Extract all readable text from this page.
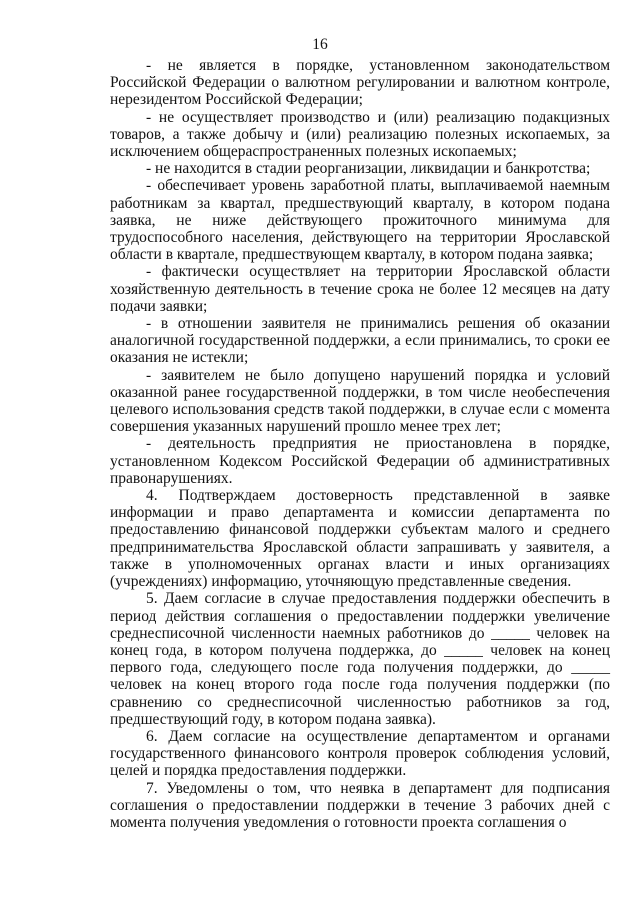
16

- не является в порядке, установленном законодательством Российской Федерации о валютном регулировании и валютном контроле, нерезидентом Российской Федерации;

- не осуществляет производство и (или) реализацию подакцизных товаров, а также добычу и (или) реализацию полезных ископаемых, за исключением общераспространенных полезных ископаемых;

- не находится в стадии реорганизации, ликвидации и банкротства;

- обеспечивает уровень заработной платы, выплачиваемой наемным работникам за квартал, предшествующий кварталу, в котором подана заявка, не ниже действующего прожиточного минимума для трудоспособного населения, действующего на территории Ярославской области в квартале, предшествующем кварталу, в котором подана заявка;

- фактически осуществляет на территории Ярославской области хозяйственную деятельность в течение срока не более 12 месяцев на дату подачи заявки;

- в отношении заявителя не принимались решения об оказании аналогичной государственной поддержки, а если принимались, то сроки ее оказания не истекли;

- заявителем не было допущено нарушений порядка и условий оказанной ранее государственной поддержки, в том числе необеспечения целевого использования средств такой поддержки, в случае если с момента совершения указанных нарушений прошло менее трех лет;

- деятельность предприятия не приостановлена в порядке, установленном Кодексом Российской Федерации об административных правонарушениях.

4. Подтверждаем достоверность представленной в заявке информации и право департамента и комиссии департамента по предоставлению финансовой поддержки субъектам малого и среднего предпринимательства Ярославской области запрашивать у заявителя, а также в уполномоченных органах власти и иных организациях (учреждениях) информацию, уточняющую представленные сведения.

5. Даем согласие в случае предоставления поддержки обеспечить в период действия соглашения о предоставлении поддержки увеличение среднесписочной численности наемных работников до _____ человек на конец года, в котором получена поддержка, до _____ человек на конец первого года, следующего после года получения поддержки, до _____ человек на конец второго года после года получения поддержки (по сравнению со среднесписочной численностью работников за год, предшествующий году, в котором подана заявка).

6. Даем согласие на осуществление департаментом и органами государственного финансового контроля проверок соблюдения условий, целей и порядка предоставления поддержки.

7. Уведомлены о том, что неявка в департамент для подписания соглашения о предоставлении поддержки в течение 3 рабочих дней с момента получения уведомления о готовности проекта соглашения о
